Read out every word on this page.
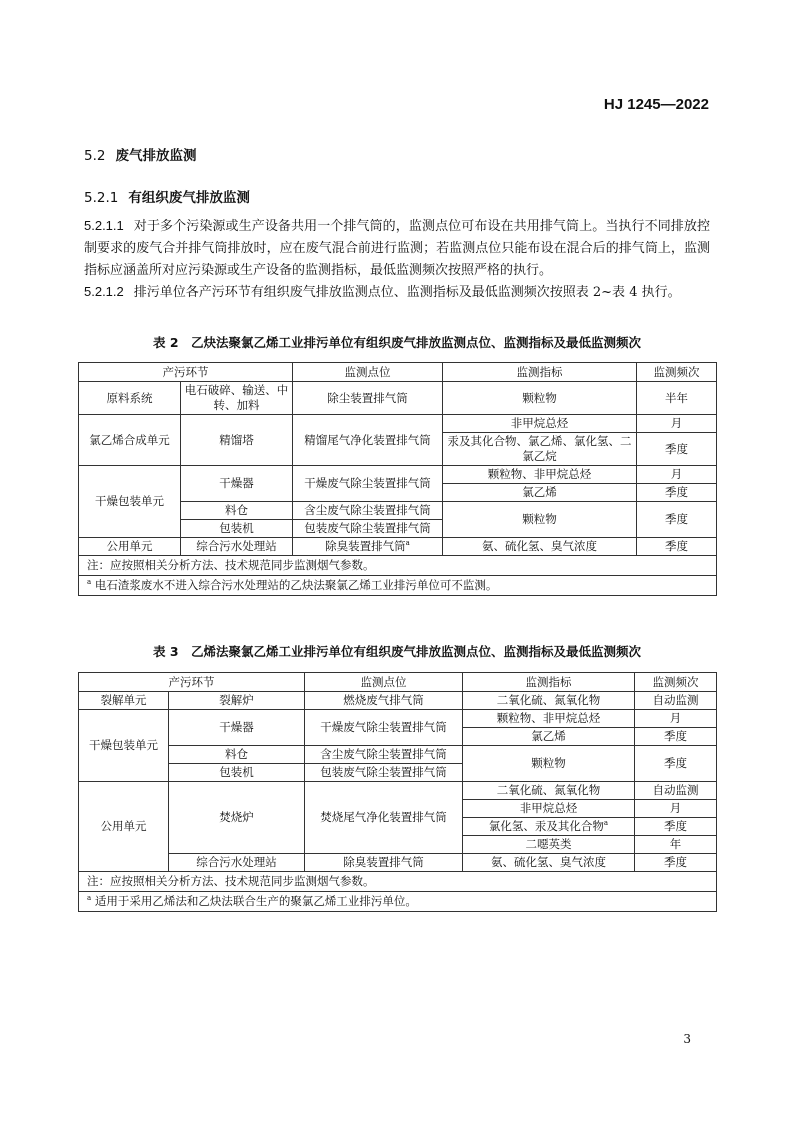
HJ 1245—2022
5.2 废气排放监测
5.2.1 有组织废气排放监测
5.2.1.1 对于多个污染源或生产设备共用一个排气筒的，监测点位可布设在共用排气筒上。当执行不同排放控制要求的废气合并排气筒排放时，应在废气混合前进行监测；若监测点位只能布设在混合后的排气筒上，监测指标应涵盖所对应污染源或生产设备的监测指标，最低监测频次按照严格的执行。
5.2.1.2 排污单位各产污环节有组织废气排放监测点位、监测指标及最低监测频次按照表 2~表 4 执行。
表 2　乙炔法聚氯乙烯工业排污单位有组织废气排放监测点位、监测指标及最低监测频次
产污环节		监测点位	监测指标	监测频次
原料系统	电石破碎、输送、中转、加料	除尘装置排气筒	颗粒物	半年
氯乙烯合成单元	精馏塔	精馏尾气净化装置排气筒	非甲烷总烃	月
			汞及其化合物、氯乙烯、氯化氢、二氯乙烷	季度
干燥包装单元	干燥器	干燥废气除尘装置排气筒	颗粒物、非甲烷总烃	月
			氯乙烯	季度
	料仓	含尘废气除尘装置排气筒	颗粒物	季度
	包装机	包装废气除尘装置排气筒		
公用单元	综合污水处理站	除臭装置排气筒$^a$	氨、硫化氢、臭气浓度	季度
注：应按照相关分析方法、技术规范同步监测烟气参数。				
$^a$ 电石渣浆废水不进入综合污水处理站的乙炔法聚氯乙烯工业排污单位可不监测。				
表 3　乙烯法聚氯乙烯工业排污单位有组织废气排放监测点位、监测指标及最低监测频次
产污环节		监测点位	监测指标	监测频次
裂解单元	裂解炉	燃烧废气排气筒	二氧化硫、氮氧化物	自动监测
干燥包装单元	干燥器	干燥废气除尘装置排气筒	颗粒物、非甲烷总烃	月
			氯乙烯	季度
	料仓	含尘废气除尘装置排气筒	颗粒物	季度
	包装机	包装废气除尘装置排气筒		
公用单元	焚烧炉	焚烧尾气净化装置排气筒	二氧化硫、氮氧化物	自动监测
			非甲烷总烃	月
			氯化氢、汞及其化合物$^a$	季度
			二噁英类	年
	综合污水处理站	除臭装置排气筒	氨、硫化氢、臭气浓度	季度
注：应按照相关分析方法、技术规范同步监测烟气参数。				
$^a$ 适用于采用乙烯法和乙炔法联合生产的聚氯乙烯工业排污单位。				
3
